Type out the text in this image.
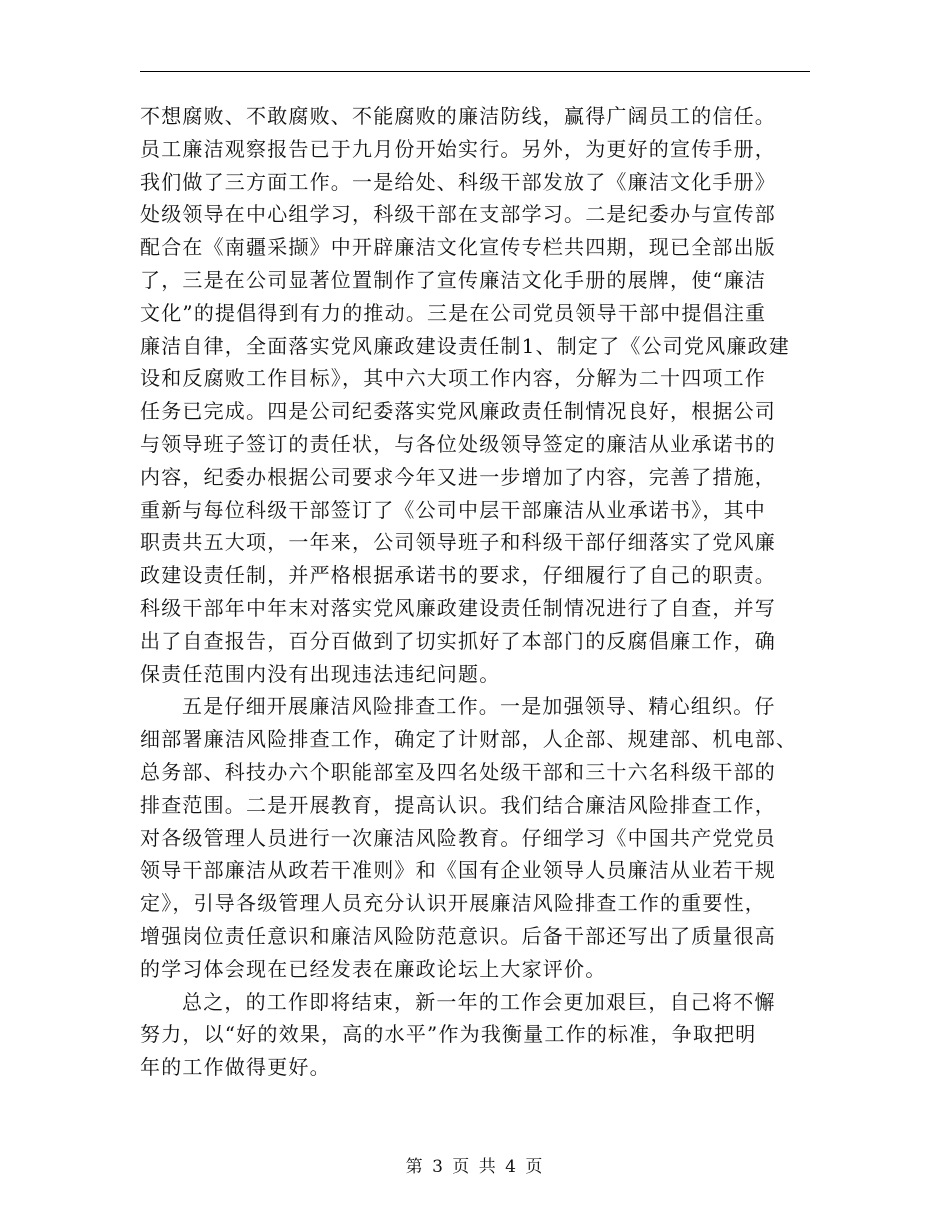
不想腐败、不敢腐败、不能腐败的廉洁防线，赢得广阔员工的信任。
员工廉洁观察报告已于九月份开始实行。另外，为更好的宣传手册，
我们做了三方面工作。一是给处、科级干部发放了《廉洁文化手册》
处级领导在中心组学习，科级干部在支部学习。二是纪委办与宣传部
配合在《南疆采撷》中开辟廉洁文化宣传专栏共四期，现已全部出版
了，三是在公司显著位置制作了宣传廉洁文化手册的展牌，使“廉洁
文化”的提倡得到有力的推动。三是在公司党员领导干部中提倡注重
廉洁自律，全面落实党风廉政建设责任制1、制定了《公司党风廉政建
设和反腐败工作目标》，其中六大项工作内容，分解为二十四项工作
任务已完成。四是公司纪委落实党风廉政责任制情况良好，根据公司
与领导班子签订的责任状，与各位处级领导签定的廉洁从业承诺书的
内容，纪委办根据公司要求今年又进一步增加了内容，完善了措施，
重新与每位科级干部签订了《公司中层干部廉洁从业承诺书》，其中
职责共五大项，一年来，公司领导班子和科级干部仔细落实了党风廉
政建设责任制，并严格根据承诺书的要求，仔细履行了自己的职责。
科级干部年中年末对落实党风廉政建设责任制情况进行了自查，并写
出了自查报告，百分百做到了切实抓好了本部门的反腐倡廉工作，确
保责任范围内没有出现违法违纪问题。
五是仔细开展廉洁风险排查工作。一是加强领导、精心组织。仔
细部署廉洁风险排查工作，确定了计财部，人企部、规建部、机电部、
总务部、科技办六个职能部室及四名处级干部和三十六名科级干部的
排查范围。二是开展教育，提高认识。我们结合廉洁风险排查工作，
对各级管理人员进行一次廉洁风险教育。仔细学习《中国共产党党员
领导干部廉洁从政若干准则》和《国有企业领导人员廉洁从业若干规
定》，引导各级管理人员充分认识开展廉洁风险排查工作的重要性，
增强岗位责任意识和廉洁风险防范意识。后备干部还写出了质量很高
的学习体会现在已经发表在廉政论坛上大家评价。
总之，的工作即将结束，新一年的工作会更加艰巨，自己将不懈
努力，以“好的效果，高的水平”作为我衡量工作的标准，争取把明
年的工作做得更好。
第 3 页 共 4 页
